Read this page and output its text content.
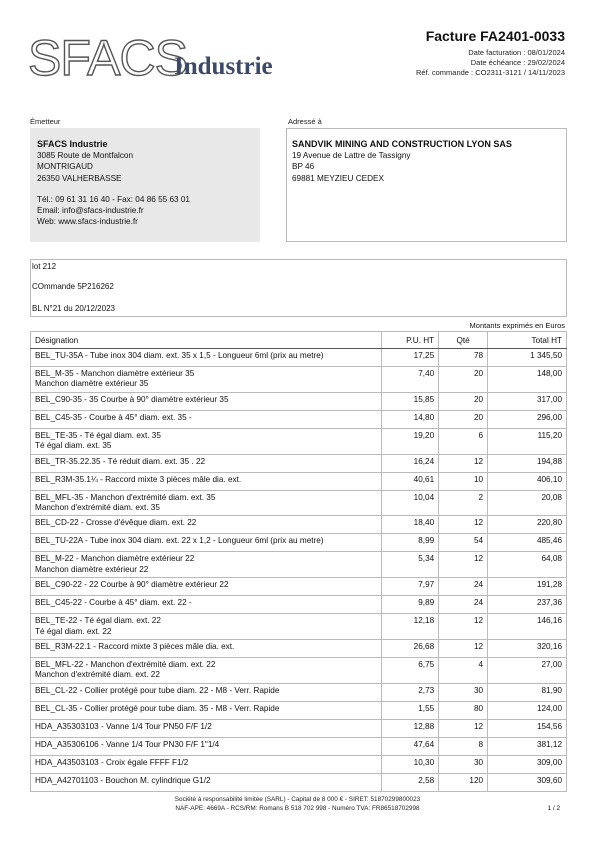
SFACS
Industrie
Facture FA2401-0033
Date facturation : 08/01/2024
Date échéance : 29/02/2024
Réf. commande : CO2311-3121 / 14/11/2023
Émetteur	Adressé à
SFACS Industrie
3085 Route de Montfalcon
MONTRIGAUD
26350 VALHERBASSE
Tél.: 09 61 31 16 40 - Fax: 04 86 55 63 01
Email: info@sfacs-industrie.fr
Web: www.sfacs-industrie.fr
SANDVIK MINING AND CONSTRUCTION LYON SAS
19 Avenue de Lattre de Tassigny
BP 46
69881 MEYZIEU CEDEX
lot 212
COmmande 5P216262
BL N°21 du 20/12/2023
Montants exprimés en Euros
Désignation	P.U. HT	Qté	Total HT

BEL_TU-35A - Tube inox 304 diam. ext. 35 x 1,5 - Longueur 6ml (prix au metre)	17,25	78	1 345,50

BEL_M-35 - Manchon diamètre extérieur 35
Manchon diamètre extérieur 35	7,40	20	148,00

BEL_C90-35 - 35 Courbe à 90° diamètre extérieur 35	15,85	20	317,00

BEL_C45-35 - Courbe à 45° diam. ext. 35 -	14,80	20	296,00

BEL_TE-35 - Té égal diam. ext. 35
Té égal diam. ext. 35	19,20	6	115,20

BEL_TR-35.22.35 - Té réduit diam. ext. 35 . 22	16,24	12	194,88

BEL_R3M-35.1¼ - Raccord mixte 3 pièces mâle dia. ext.	40,61	10	406,10

BEL_MFL-35 - Manchon d'extrémité diam. ext. 35
Manchon d'extrémité diam. ext. 35	10,04	2	20,08

BEL_CD-22 - Crosse d'évêque diam. ext. 22	18,40	12	220,80

BEL_TU-22A - Tube inox 304 diam. ext. 22 x 1,2 - Longueur 6ml (prix au metre)	8,99	54	485,46

BEL_M-22 - Manchon diamètre extérieur 22
Manchon diamètre extérieur 22	5,34	12	64,08

BEL_C90-22 - 22 Courbe à 90° diamètre extérieur 22	7,97	24	191,28

BEL_C45-22 - Courbe à 45° diam. ext. 22 -	9,89	24	237,36

BEL_TE-22 - Té égal diam. ext. 22
Té égal diam. ext. 22	12,18	12	146,16

BEL_R3M-22.1 - Raccord mixte 3 pièces mâle dia. ext.	26,68	12	320,16

BEL_MFL-22 - Manchon d'extrémité diam. ext. 22
Manchon d'extrémité diam. ext. 22	6,75	4	27,00

BEL_CL-22 - Collier protégé pour tube diam. 22 - M8 - Verr. Rapide	2,73	30	81,90

BEL_CL-35 - Collier protégé pour tube diam. 35 - M8 - Verr. Rapide	1,55	80	124,00

HDA_A35303103 - Vanne 1/4 Tour PN50 F/F 1/2	12,88	12	154,56

HDA_A35306106 - Vanne 1/4 Tour PN30 F/F 1"1/4	47,64	8	381,12

HDA_A43503103 - Croix égale FFFF F1/2	10,30	30	309,00

HDA_A42701103 - Bouchon M. cylindrique G1/2	2,58	120	309,60
Société à responsabilité limitée (SARL) - Capital de 8 000 € - SIRET: 51870299800023
NAF-APE: 4669A - RCS/RM: Romans B 518 702 998 - Numéro TVA: FR86518702998	1 / 2
